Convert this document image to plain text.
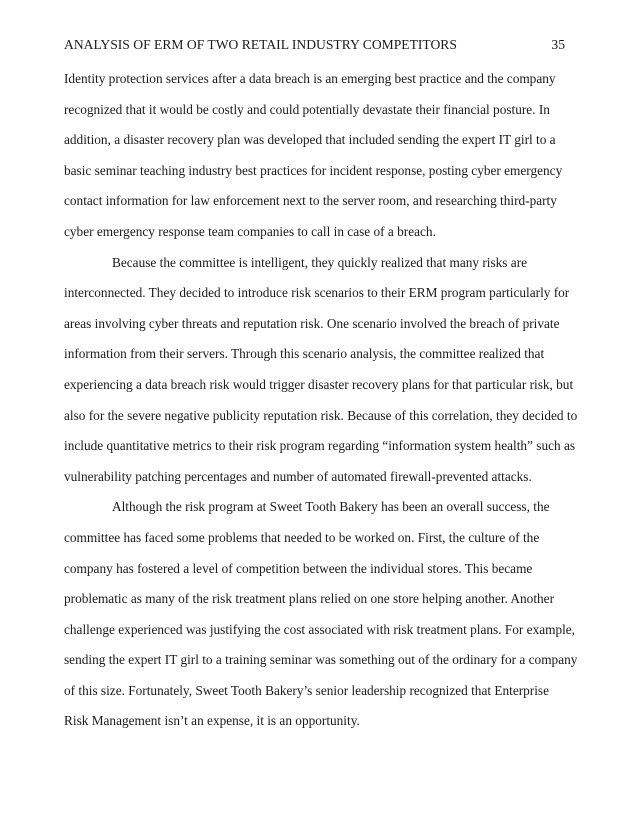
ANALYSIS OF ERM OF TWO RETAIL INDUSTRY COMPETITORS	35
Identity protection services after a data breach is an emerging best practice and the company
recognized that it would be costly and could potentially devastate their financial posture. In
addition, a disaster recovery plan was developed that included sending the expert IT girl to a
basic seminar teaching industry best practices for incident response, posting cyber emergency
contact information for law enforcement next to the server room, and researching third-party
cyber emergency response team companies to call in case of a breach.
Because the committee is intelligent, they quickly realized that many risks are
interconnected. They decided to introduce risk scenarios to their ERM program particularly for
areas involving cyber threats and reputation risk. One scenario involved the breach of private
information from their servers. Through this scenario analysis, the committee realized that
experiencing a data breach risk would trigger disaster recovery plans for that particular risk, but
also for the severe negative publicity reputation risk. Because of this correlation, they decided to
include quantitative metrics to their risk program regarding “information system health” such as
vulnerability patching percentages and number of automated firewall-prevented attacks.
Although the risk program at Sweet Tooth Bakery has been an overall success, the
committee has faced some problems that needed to be worked on. First, the culture of the
company has fostered a level of competition between the individual stores. This became
problematic as many of the risk treatment plans relied on one store helping another. Another
challenge experienced was justifying the cost associated with risk treatment plans. For example,
sending the expert IT girl to a training seminar was something out of the ordinary for a company
of this size. Fortunately, Sweet Tooth Bakery’s senior leadership recognized that Enterprise
Risk Management isn’t an expense, it is an opportunity.
